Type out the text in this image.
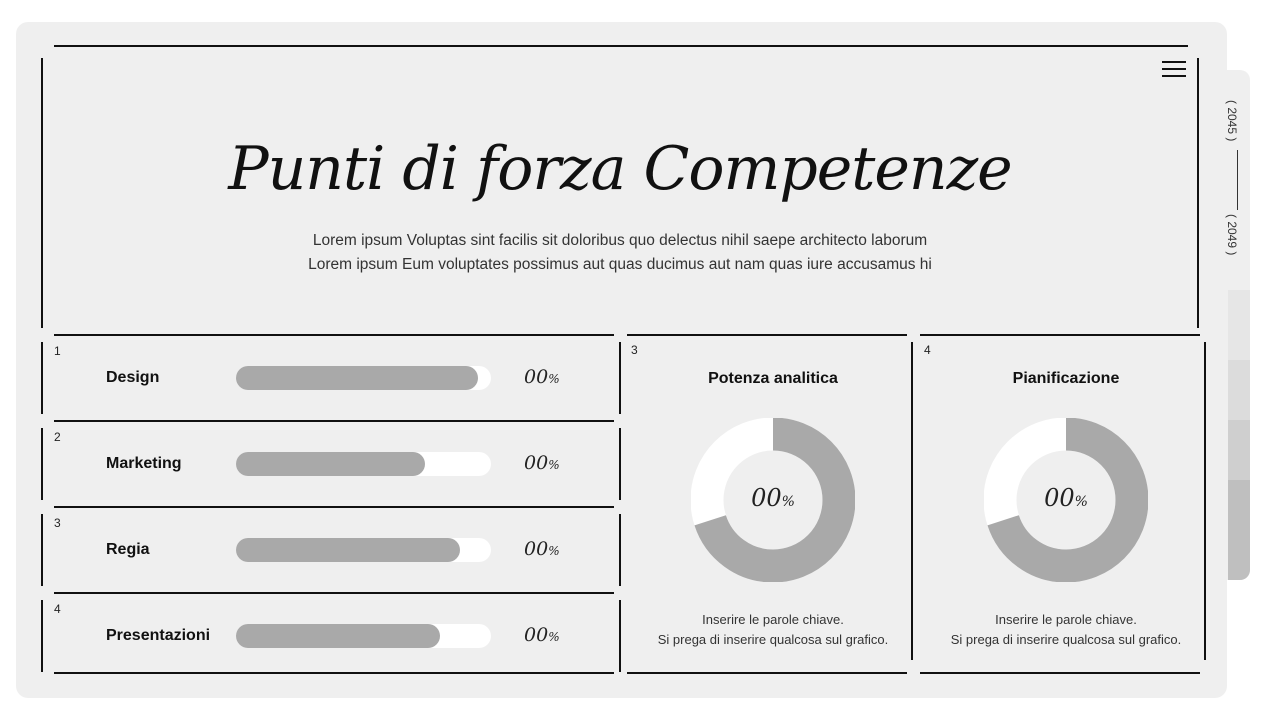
( 2045 )
( 2049 )
Punti di forza Competenze
Lorem ipsum Voluptas sint facilis sit doloribus quo delectus nihil saepe architecto laborum
Lorem ipsum Eum voluptates possimus aut quas ducimus aut nam quas iure accusamus hi
1
Design	00%
2
Marketing	00%
3
Regia	00%
4
Presentazioni	00%
3
Potenza analitica
00%
Inserire le parole chiave.
Si prega di inserire qualcosa sul grafico.
4
Pianificazione
00%
Inserire le parole chiave.
Si prega di inserire qualcosa sul grafico.
